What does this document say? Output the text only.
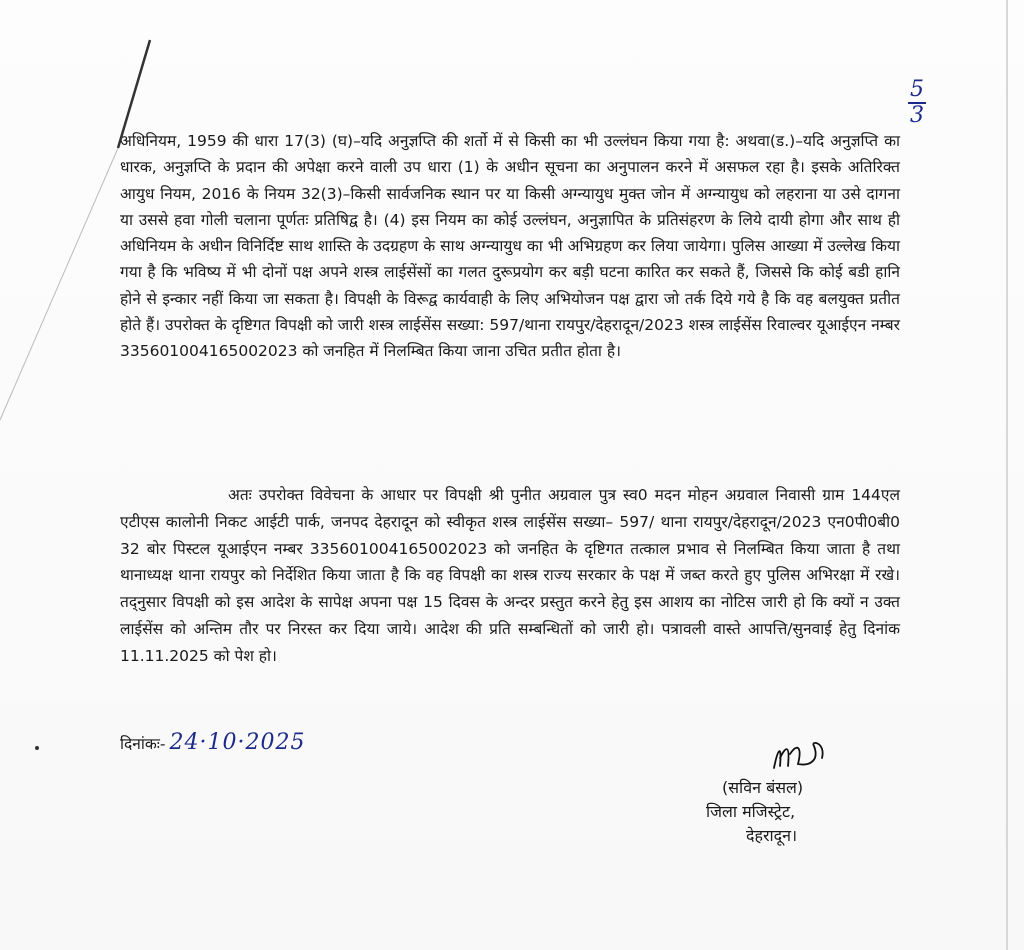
5
3

अधिनियम, 1959 की धारा 17(3) (घ)–यदि अनुज्ञप्ति की शर्तो में से किसी का भी उल्लंघन किया गया है: अथवा(ड.)–यदि अनुज्ञप्ति का धारक, अनुज्ञप्ति के प्रदान की अपेक्षा करने वाली उप धारा (1) के अधीन सूचना का अनुपालन करने में असफल रहा है। इसके अतिरिक्त आयुध नियम, 2016 के नियम 32(3)–किसी सार्वजनिक स्थान पर या किसी अग्न्यायुध मुक्त जोन में अग्न्यायुध को लहराना या उसे दागना या उससे हवा गोली चलाना पूर्णतः प्रतिषिद्व है। (4) इस नियम का कोई उल्लंघन, अनुज्ञापित के प्रतिसंहरण के लिये दायी होगा और साथ ही अधिनियम के अधीन विनिर्दिष्ट साथ शास्ति के उदग्रहण के साथ अग्न्यायुध का भी अभिग्रहण कर लिया जायेगा। पुलिस आख्या में उल्लेख किया गया है कि भविष्य में भी दोनों पक्ष अपने शस्त्र लाईसेंसों का गलत दुरूप्रयोग कर बड़ी घटना कारित कर सकते हैं, जिससे कि कोई बडी हानि होने से इन्कार नहीं किया जा सकता है। विपक्षी के विरूद्व कार्यवाही के लिए अभियोजन पक्ष द्वारा जो तर्क दिये गये है कि वह बलयुक्त प्रतीत होते हैं। उपरोक्त के दृष्टिगत विपक्षी को जारी शस्त्र लाईसेंस सख्या: 597/थाना रायपुर/देहरादून/2023 शस्त्र लाईसेंस रिवाल्वर यूआईएन नम्बर 335601004165002023 को जनहित में निलम्बित किया जाना उचित प्रतीत होता है।

अतः उपरोक्त विवेचना के आधार पर विपक्षी श्री पुनीत अग्रवाल पुत्र स्व0 मदन मोहन अग्रवाल निवासी ग्राम 144एल एटीएस कालोनी निकट आईटी पार्क, जनपद देहरादून को स्वीकृत शस्त्र लाईसेंस सख्या– 597/ थाना रायपुर/देहरादून/2023 एन0पी0बी0 32 बोर पिस्टल यूआईएन नम्बर 335601004165002023 को जनहित के दृष्टिगत तत्काल प्रभाव से निलम्बित किया जाता है तथा थानाध्यक्ष थाना रायपुर को निर्देशित किया जाता है कि वह विपक्षी का शस्त्र राज्य सरकार के पक्ष में जब्त करते हुए पुलिस अभिरक्षा में रखे। तद्नुसार विपक्षी को इस आदेश के सापेक्ष अपना पक्ष 15 दिवस के अन्दर प्रस्तुत करने हेतु इस आशय का नोटिस जारी हो कि क्यों न उक्त लाईसेंस को अन्तिम तौर पर निरस्त कर दिया जाये। आदेश की प्रति सम्बन्धितों को जारी हो। पत्रावली वास्ते आपत्ति/सुनवाई हेतु दिनांक 11.11.2025 को पेश हो।

दिनांकः- 24·10·2025
(सविन बंसल)
जिला मजिस्ट्रेट,
देहरादून।
